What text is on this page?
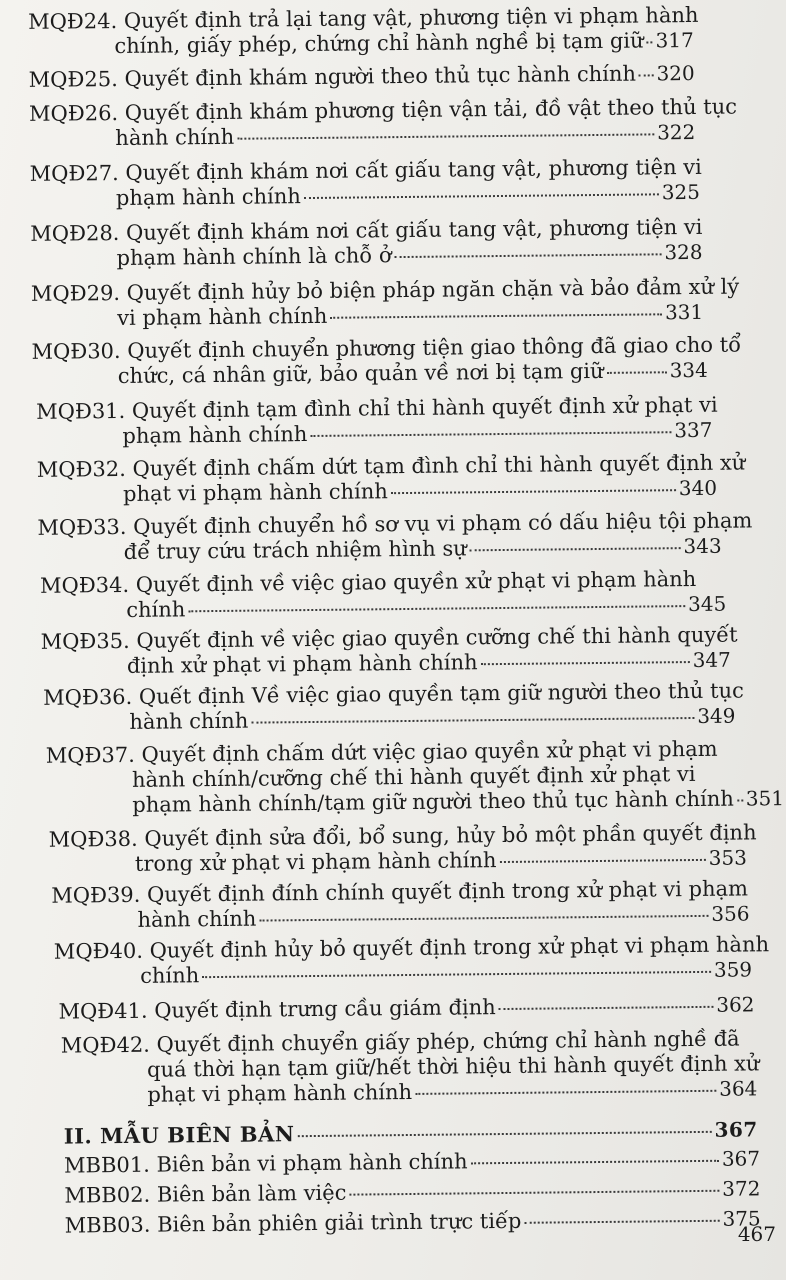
MQĐ24.
Quyết định trả lại tang vật, phương tiện vi phạm hành
chính, giấy phép, chứng chỉ hành nghề bị tạm giữ 317
MQĐ25.
Quyết định khám người theo thủ tục hành chính 320
MQĐ26.
Quyết định khám phương tiện vận tải, đồ vật theo thủ tục
hành chính	322
MQĐ27.
Quyết định khám nơi cất giấu tang vật, phương tiện vi
phạm hành chính	325
MQĐ28.
Quyết định khám nơi cất giấu tang vật, phương tiện vi
phạm hành chính là chỗ ở	328
MQĐ29.
Quyết định hủy bỏ biện pháp ngăn chặn và bảo đảm xử lý
vi phạm hành chính	331
MQĐ30.
Quyết định chuyển phương tiện giao thông đã giao cho tổ
chức, cá nhân giữ, bảo quản về nơi bị tạm giữ	334
MQĐ31.
Quyết định tạm đình chỉ thi hành quyết định xử phạt vi
phạm hành chính	337
MQĐ32.
Quyết định chấm dứt tạm đình chỉ thi hành quyết định xử
phạt vi phạm hành chính	340
MQĐ33.
Quyết định chuyển hồ sơ vụ vi phạm có dấu hiệu tội phạm
để truy cứu trách nhiệm hình sự	343
MQĐ34.
Quyết định về việc giao quyền xử phạt vi phạm hành
chính	345
MQĐ35.
Quyết định về việc giao quyền cưỡng chế thi hành quyết
định xử phạt vi phạm hành chính	347
MQĐ36.
Quết định Về việc giao quyền tạm giữ người theo thủ tục
hành chính	349
MQĐ37.
Quyết định chấm dứt việc giao quyền xử phạt vi phạm
hành chính/cưỡng chế thi hành quyết định xử phạt vi
phạm hành chính/tạm giữ người theo thủ tục hành chính 351
MQĐ38.
Quyết định sửa đổi, bổ sung, hủy bỏ một phần quyết định
trong xử phạt vi phạm hành chính	353
MQĐ39.
Quyết định đính chính quyết định trong xử phạt vi phạm
hành chính	356
MQĐ40.
Quyết định hủy bỏ quyết định trong xử phạt vi phạm hành
chính	359
MQĐ41.
Quyết định trưng cầu giám định	362
MQĐ42.
Quyết định chuyển giấy phép, chứng chỉ hành nghề đã
quá thời hạn tạm giữ/hết thời hiệu thi hành quyết định xử
phạt vi phạm hành chính	364
II. MẪU BIÊN BẢN	367
MBB01.
Biên bản vi phạm hành chính	367
MBB02.
Biên bản làm việc	372
MBB03.
Biên bản phiên giải trình trực tiếp	375
467
